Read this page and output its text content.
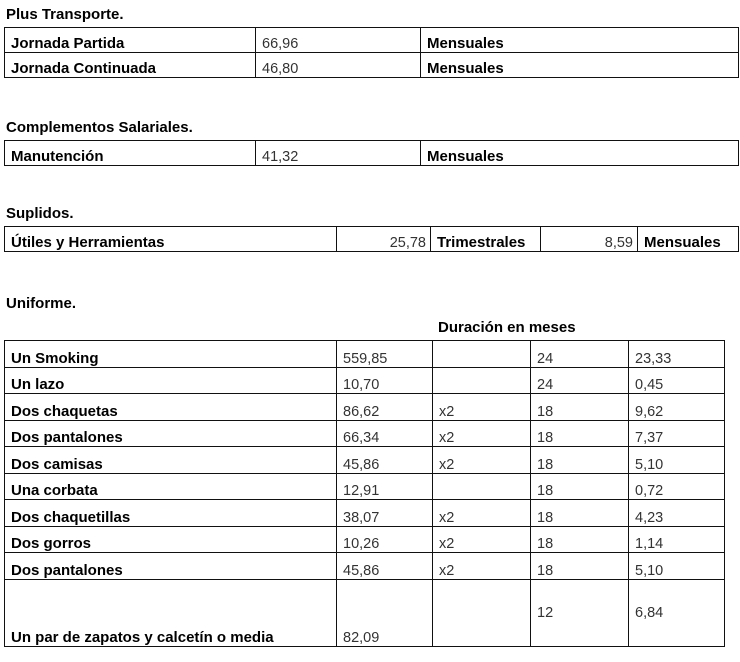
Plus Transporte.
Jornada Partida	66,96	Mensuales
Jornada Continuada	46,80	Mensuales
Complementos Salariales.
Manutención	41,32	Mensuales
Suplidos.
Útiles y Herramientas	25,78	Trimestrales	8,59	Mensuales
Uniforme.
Duración en meses
Un Smoking	559,85		24	23,33
Un lazo	10,70		24	0,45
Dos chaquetas	86,62	x2	18	9,62
Dos pantalones	66,34	x2	18	7,37
Dos camisas	45,86	x2	18	5,10
Una corbata	12,91		18	0,72
Dos chaquetillas	38,07	x2	18	4,23
Dos gorros	10,26	x2	18	1,14
Dos pantalones	45,86	x2	18	5,10
Un par de zapatos y calcetín o media	82,09		12	6,84
